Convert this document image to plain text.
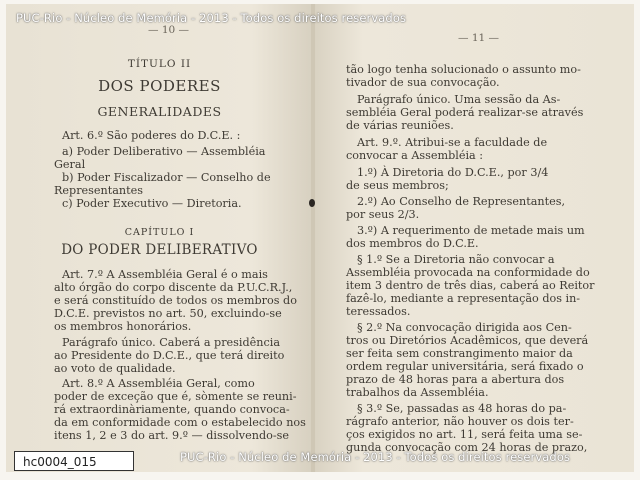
— 10 —
TÍTULO II
DOS PODERES
GENERALIDADES
Art. 6.º São poderes do D.C.E. :
a) Poder Deliberativo — Assembléia
Geral
b) Poder Fiscalizador — Conselho de
Representantes
c) Poder Executivo — Diretoria.
CAPÍTULO I
DO PODER DELIBERATIVO
Art. 7.º A Assembléia Geral é o mais
alto órgão do corpo discente da P.U.C.R.J.,
e será constituído de todos os membros do
D.C.E. previstos no art. 50, excluindo-se
os membros honorários.
Parágrafo único. Caberá a presidência
ao Presidente do D.C.E., que terá direito
ao voto de qualidade.
Art. 8.º A Assembléia Geral, como
poder de exceção que é, sòmente se reuni-
rá extraordinàriamente, quando convoca-
da em conformidade com o estabelecido nos
itens 1, 2 e 3 do art. 9.º — dissolvendo-se
— 11 —
tão logo tenha solucionado o assunto mo-
tivador de sua convocação.
Parágrafo único. Uma sessão da As-
sembléia Geral poderá realizar-se através
de várias reuniões.
Art. 9.º. Atribui-se a faculdade de
convocar a Assembléia :
1.º) À Diretoria do D.C.E., por 3/4
de seus membros;
2.º) Ao Conselho de Representantes,
por seus 2/3.
3.º) A requerimento de metade mais um
dos membros do D.C.E.
§ 1.º Se a Diretoria não convocar a
Assembléia provocada na conformidade do
item 3 dentro de três dias, caberá ao Reitor
fazê-lo, mediante a representação dos in-
teressados.
§ 2.º Na convocação dirigida aos Cen-
tros ou Diretórios Acadêmicos, que deverá
ser feita sem constrangimento maior da
ordem regular universitária, será fixado o
prazo de 48 horas para a abertura dos
trabalhos da Assembléia.
§ 3.º Se, passadas as 48 horas do pa-
rágrafo anterior, não houver os dois ter-
ços exigidos no art. 11, será feita uma se-
gunda convocação com 24 horas de prazo,
PUC-Rio - Núcleo de Memória - 2013 - Todos os direitos reservados
PUC-Rio - Núcleo de Memória - 2013 - Todos os direitos reservados
hc0004_015
